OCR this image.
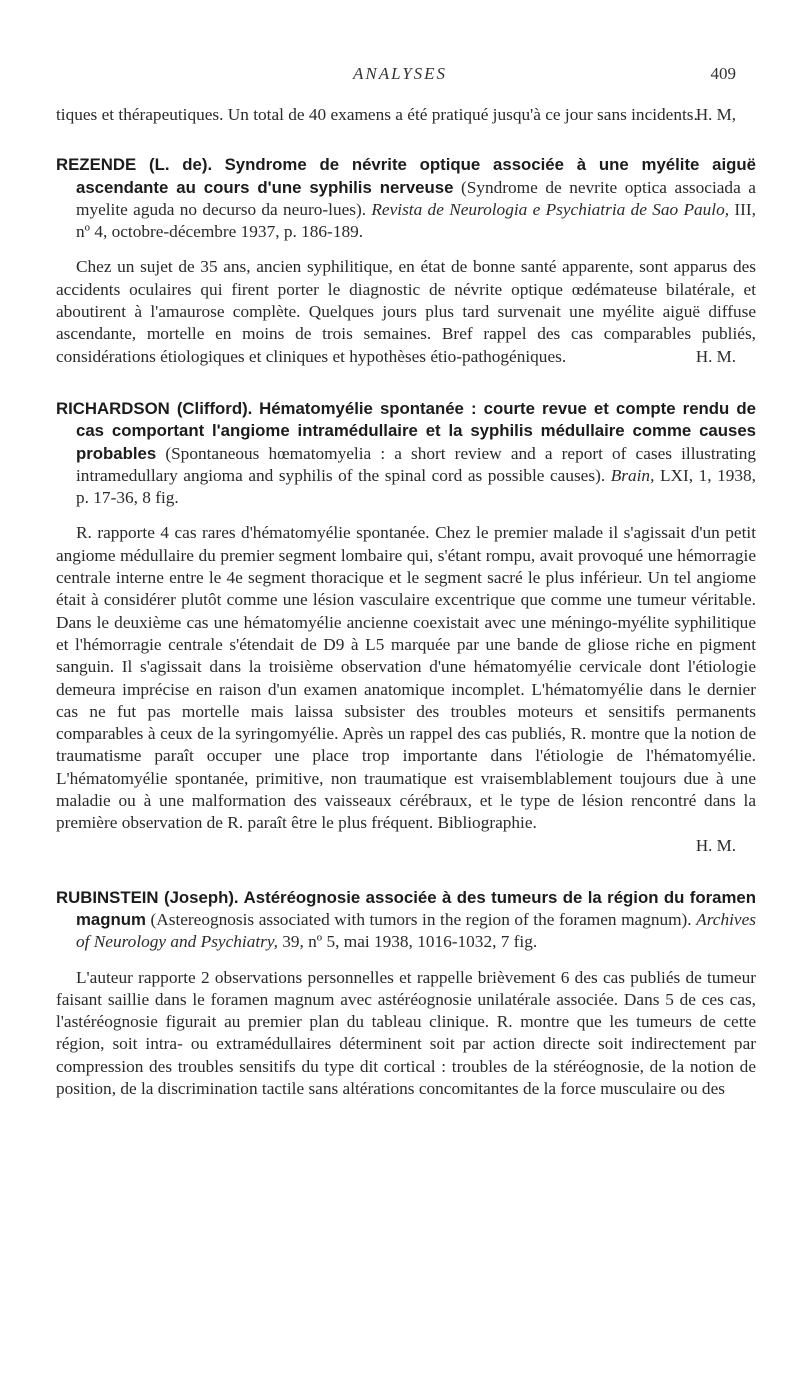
ANALYSES	409

tiques et thérapeutiques. Un total de 40 examens a été pratiqué jusqu'à ce jour sans incidents.

H. M,

REZENDE (L. de). Syndrome de névrite optique associée à une myélite aiguë ascendante au cours d'une syphilis nerveuse (Syndrome de nevrite optica associada a myelite aguda no decurso da neuro-lues). Revista de Neurologia e Psychiatria de Sao Paulo, III, nº 4, octobre-décembre 1937, p. 186-189.

Chez un sujet de 35 ans, ancien syphilitique, en état de bonne santé apparente, sont apparus des accidents oculaires qui firent porter le diagnostic de névrite optique œdémateuse bilatérale, et aboutirent à l'amaurose complète. Quelques jours plus tard survenait une myélite aiguë diffuse ascendante, mortelle en moins de trois semaines. Bref rappel des cas comparables publiés, considérations étiologiques et cliniques et hypothèses étio-pathogéniques.	H. M.

RICHARDSON (Clifford). Hématomyélie spontanée : courte revue et compte rendu de cas comportant l'angiome intramédullaire et la syphilis médullaire comme causes probables (Spontaneous hœmatomyelia : a short review and a report of cases illustrating intramedullary angioma and syphilis of the spinal cord as possible causes). Brain, LXI, 1, 1938, p. 17-36, 8 fig.

R. rapporte 4 cas rares d'hématomyélie spontanée. Chez le premier malade il s'agissait d'un petit angiome médullaire du premier segment lombaire qui, s'étant rompu, avait provoqué une hémorragie centrale interne entre le 4e segment thoracique et le segment sacré le plus inférieur. Un tel angiome était à considérer plutôt comme une lésion vasculaire excentrique que comme une tumeur véritable. Dans le deuxième cas une hématomyélie ancienne coexistait avec une méningo-myélite syphilitique et l'hémorragie centrale s'étendait de D9 à L5 marquée par une bande de gliose riche en pigment sanguin. Il s'agissait dans la troisième observation d'une hématomyélie cervicale dont l'étiologie demeura imprécise en raison d'un examen anatomique incomplet. L'hématomyélie dans le dernier cas ne fut pas mortelle mais laissa subsister des troubles moteurs et sensitifs permanents comparables à ceux de la syringomyélie. Après un rappel des cas publiés, R. montre que la notion de traumatisme paraît occuper une place trop importante dans l'étiologie de l'hématomyélie. L'hématomyélie spontanée, primitive, non traumatique est vraisemblablement toujours due à une maladie ou à une malformation des vaisseaux cérébraux, et le type de lésion rencontré dans la première observation de R. paraît être le plus fréquent. Bibliographie.

H. M.

RUBINSTEIN (Joseph). Astéréognosie associée à des tumeurs de la région du foramen magnum (Astereognosis associated with tumors in the region of the foramen magnum). Archives of Neurology and Psychiatry, 39, nº 5, mai 1938, 1016-1032, 7 fig.

L'auteur rapporte 2 observations personnelles et rappelle brièvement 6 des cas publiés de tumeur faisant saillie dans le foramen magnum avec astéréognosie unilatérale associée. Dans 5 de ces cas, l'astéréognosie figurait au premier plan du tableau clinique. R. montre que les tumeurs de cette région, soit intra- ou extramédullaires déterminent soit par action directe soit indirectement par compression des troubles sensitifs du type dit cortical : troubles de la stéréognosie, de la notion de position, de la discrimination tactile sans altérations concomitantes de la force musculaire ou des
